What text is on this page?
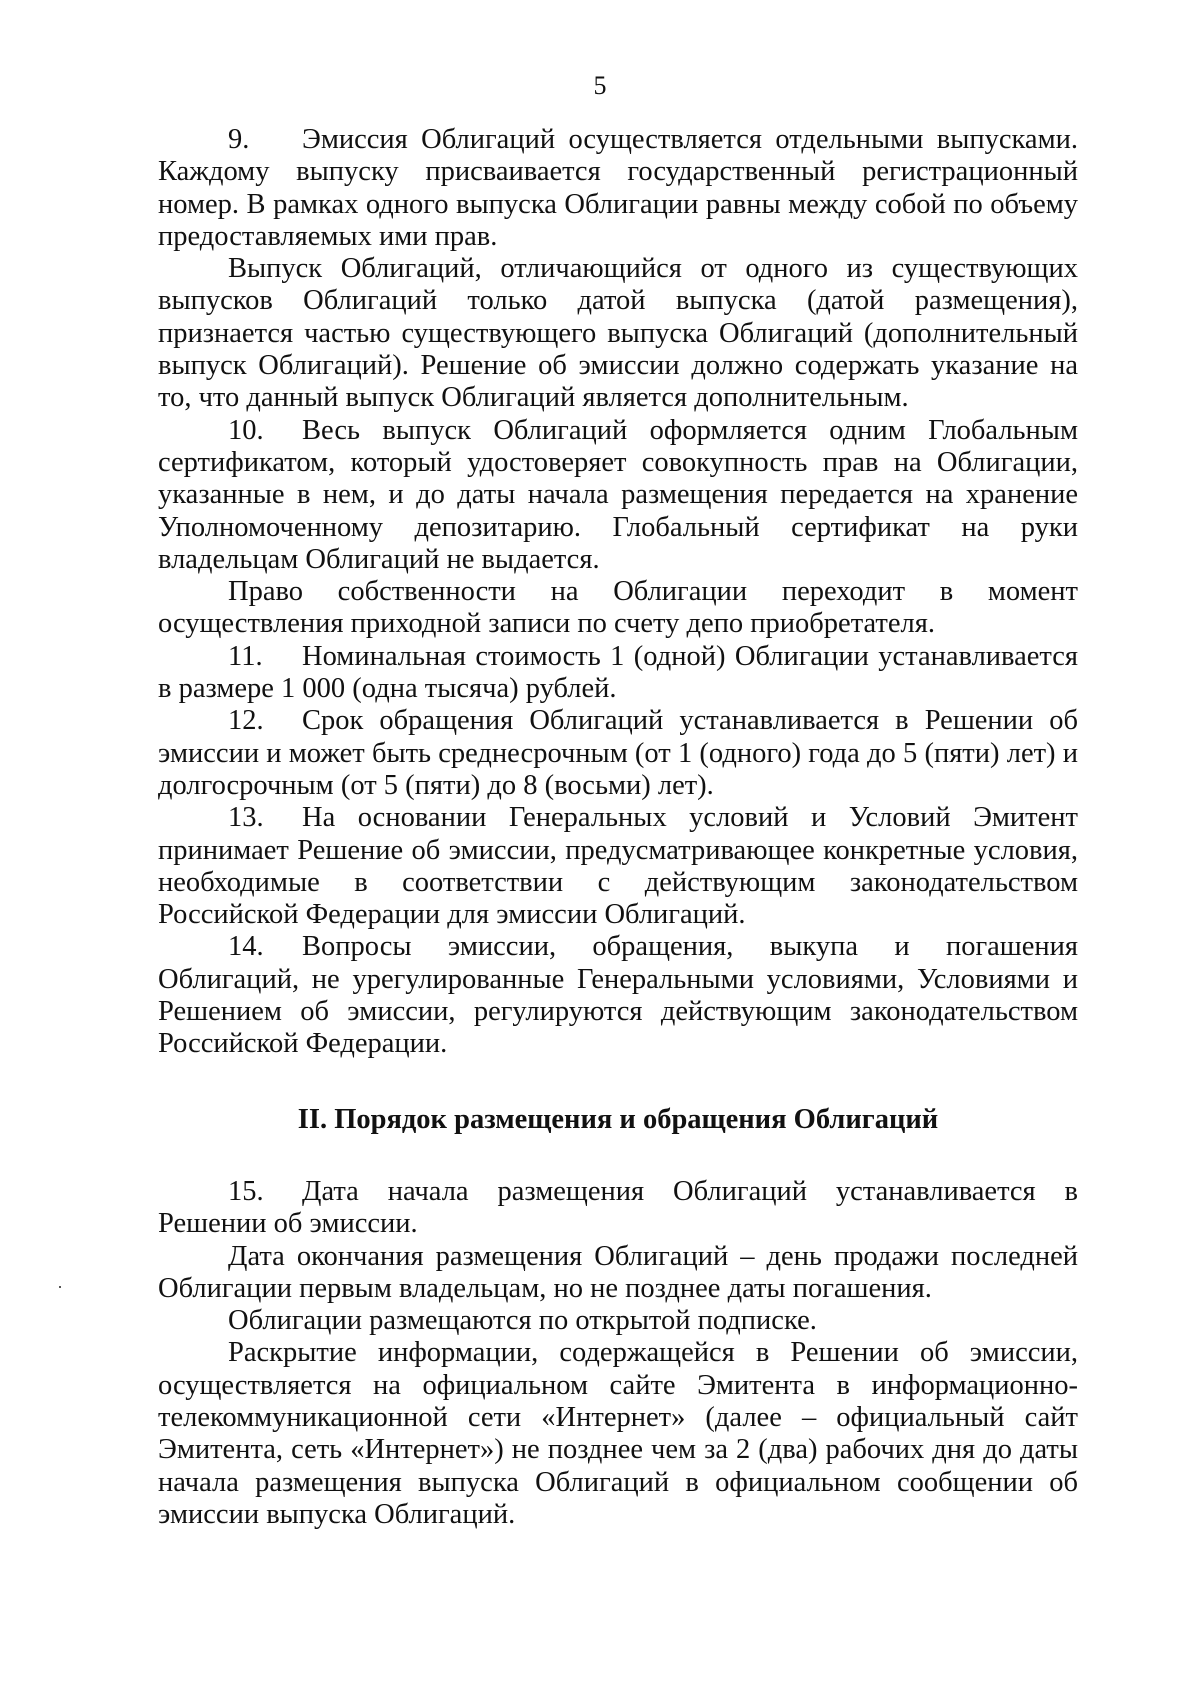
5

9. Эмиссия Облигаций осуществляется отдельными выпусками. Каждому выпуску присваивается государственный регистрационный номер. В рамках одного выпуска Облигации равны между собой по объему предоставляемых ими прав.

Выпуск Облигаций, отличающийся от одного из существующих выпусков Облигаций только датой выпуска (датой размещения), признается частью существующего выпуска Облигаций (дополнительный выпуск Облигаций). Решение об эмиссии должно содержать указание на то, что данный выпуск Облигаций является дополнительным.

10. Весь выпуск Облигаций оформляется одним Глобальным сертификатом, который удостоверяет совокупность прав на Облигации, указанные в нем, и до даты начала размещения передается на хранение Уполномоченному депозитарию. Глобальный сертификат на руки владельцам Облигаций не выдается.

Право собственности на Облигации переходит в момент осуществления приходной записи по счету депо приобретателя.

11. Номинальная стоимость 1 (одной) Облигации устанавливается в размере 1 000 (одна тысяча) рублей.

12. Срок обращения Облигаций устанавливается в Решении об эмиссии и может быть среднесрочным (от 1 (одного) года до 5 (пяти) лет) и долгосрочным (от 5 (пяти) до 8 (восьми) лет).

13. На основании Генеральных условий и Условий Эмитент принимает Решение об эмиссии, предусматривающее конкретные условия, необходимые в соответствии с действующим законодательством Российской Федерации для эмиссии Облигаций.

14. Вопросы эмиссии, обращения, выкупа и погашения Облигаций, не урегулированные Генеральными условиями, Условиями и Решением об эмиссии, регулируются действующим законодательством Российской Федерации.

II. Порядок размещения и обращения Облигаций

15. Дата начала размещения Облигаций устанавливается в Решении об эмиссии.

Дата окончания размещения Облигаций – день продажи последней Облигации первым владельцам, но не позднее даты погашения.

Облигации размещаются по открытой подписке.

Раскрытие информации, содержащейся в Решении об эмиссии, осуществляется на официальном сайте Эмитента в информационно-телекоммуникационной сети «Интернет» (далее – официальный сайт Эмитента, сеть «Интернет») не позднее чем за 2 (два) рабочих дня до даты начала размещения выпуска Облигаций в официальном сообщении об эмиссии выпуска Облигаций.
